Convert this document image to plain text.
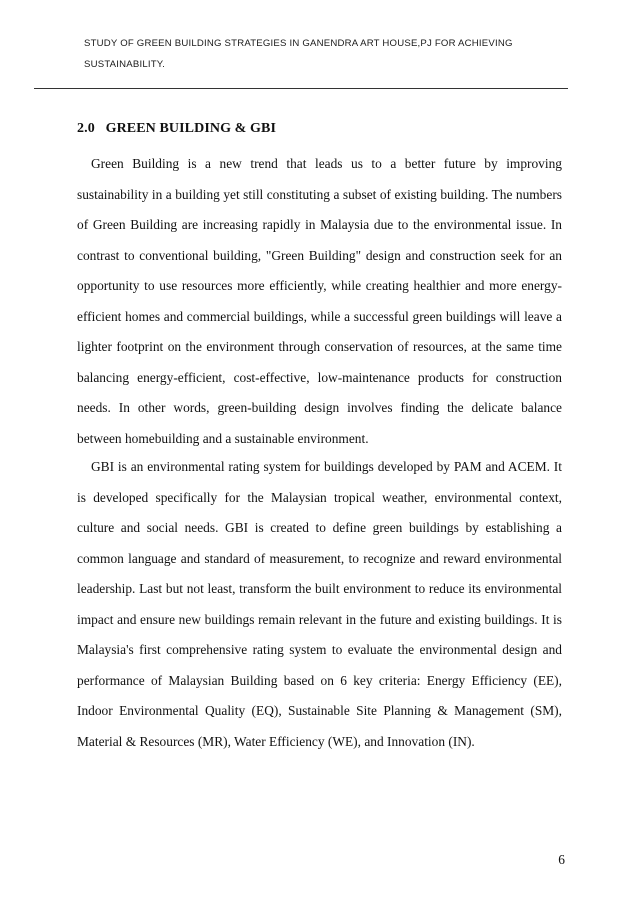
STUDY OF GREEN BUILDING STRATEGIES IN GANENDRA ART HOUSE,PJ FOR ACHIEVING
SUSTAINABILITY.
2.0   GREEN BUILDING & GBI

Green Building is a new trend that leads us to a better future by improving sustainability in a building yet still constituting a subset of existing building. The numbers of Green Building are increasing rapidly in Malaysia due to the environmental issue. In contrast to conventional building, "Green Building" design and construction seek for an opportunity to use resources more efficiently, while creating healthier and more energy-efficient homes and commercial buildings, while a successful green buildings will leave a lighter footprint on the environment through conservation of resources, at the same time balancing energy-efficient, cost-effective, low-maintenance products for construction needs. In other words, green-building design involves finding the delicate balance between homebuilding and a sustainable environment.

GBI is an environmental rating system for buildings developed by PAM and ACEM. It is developed specifically for the Malaysian tropical weather, environmental context, culture and social needs. GBI is created to define green buildings by establishing a common language and standard of measurement, to recognize and reward environmental leadership. Last but not least, transform the built environment to reduce its environmental impact and ensure new buildings remain relevant in the future and existing buildings. It is Malaysia's first comprehensive rating system to evaluate the environmental design and performance of Malaysian Building based on 6 key criteria: Energy Efficiency (EE), Indoor Environmental Quality (EQ), Sustainable Site Planning & Management (SM), Material & Resources (MR), Water Efficiency (WE), and Innovation (IN).

6
